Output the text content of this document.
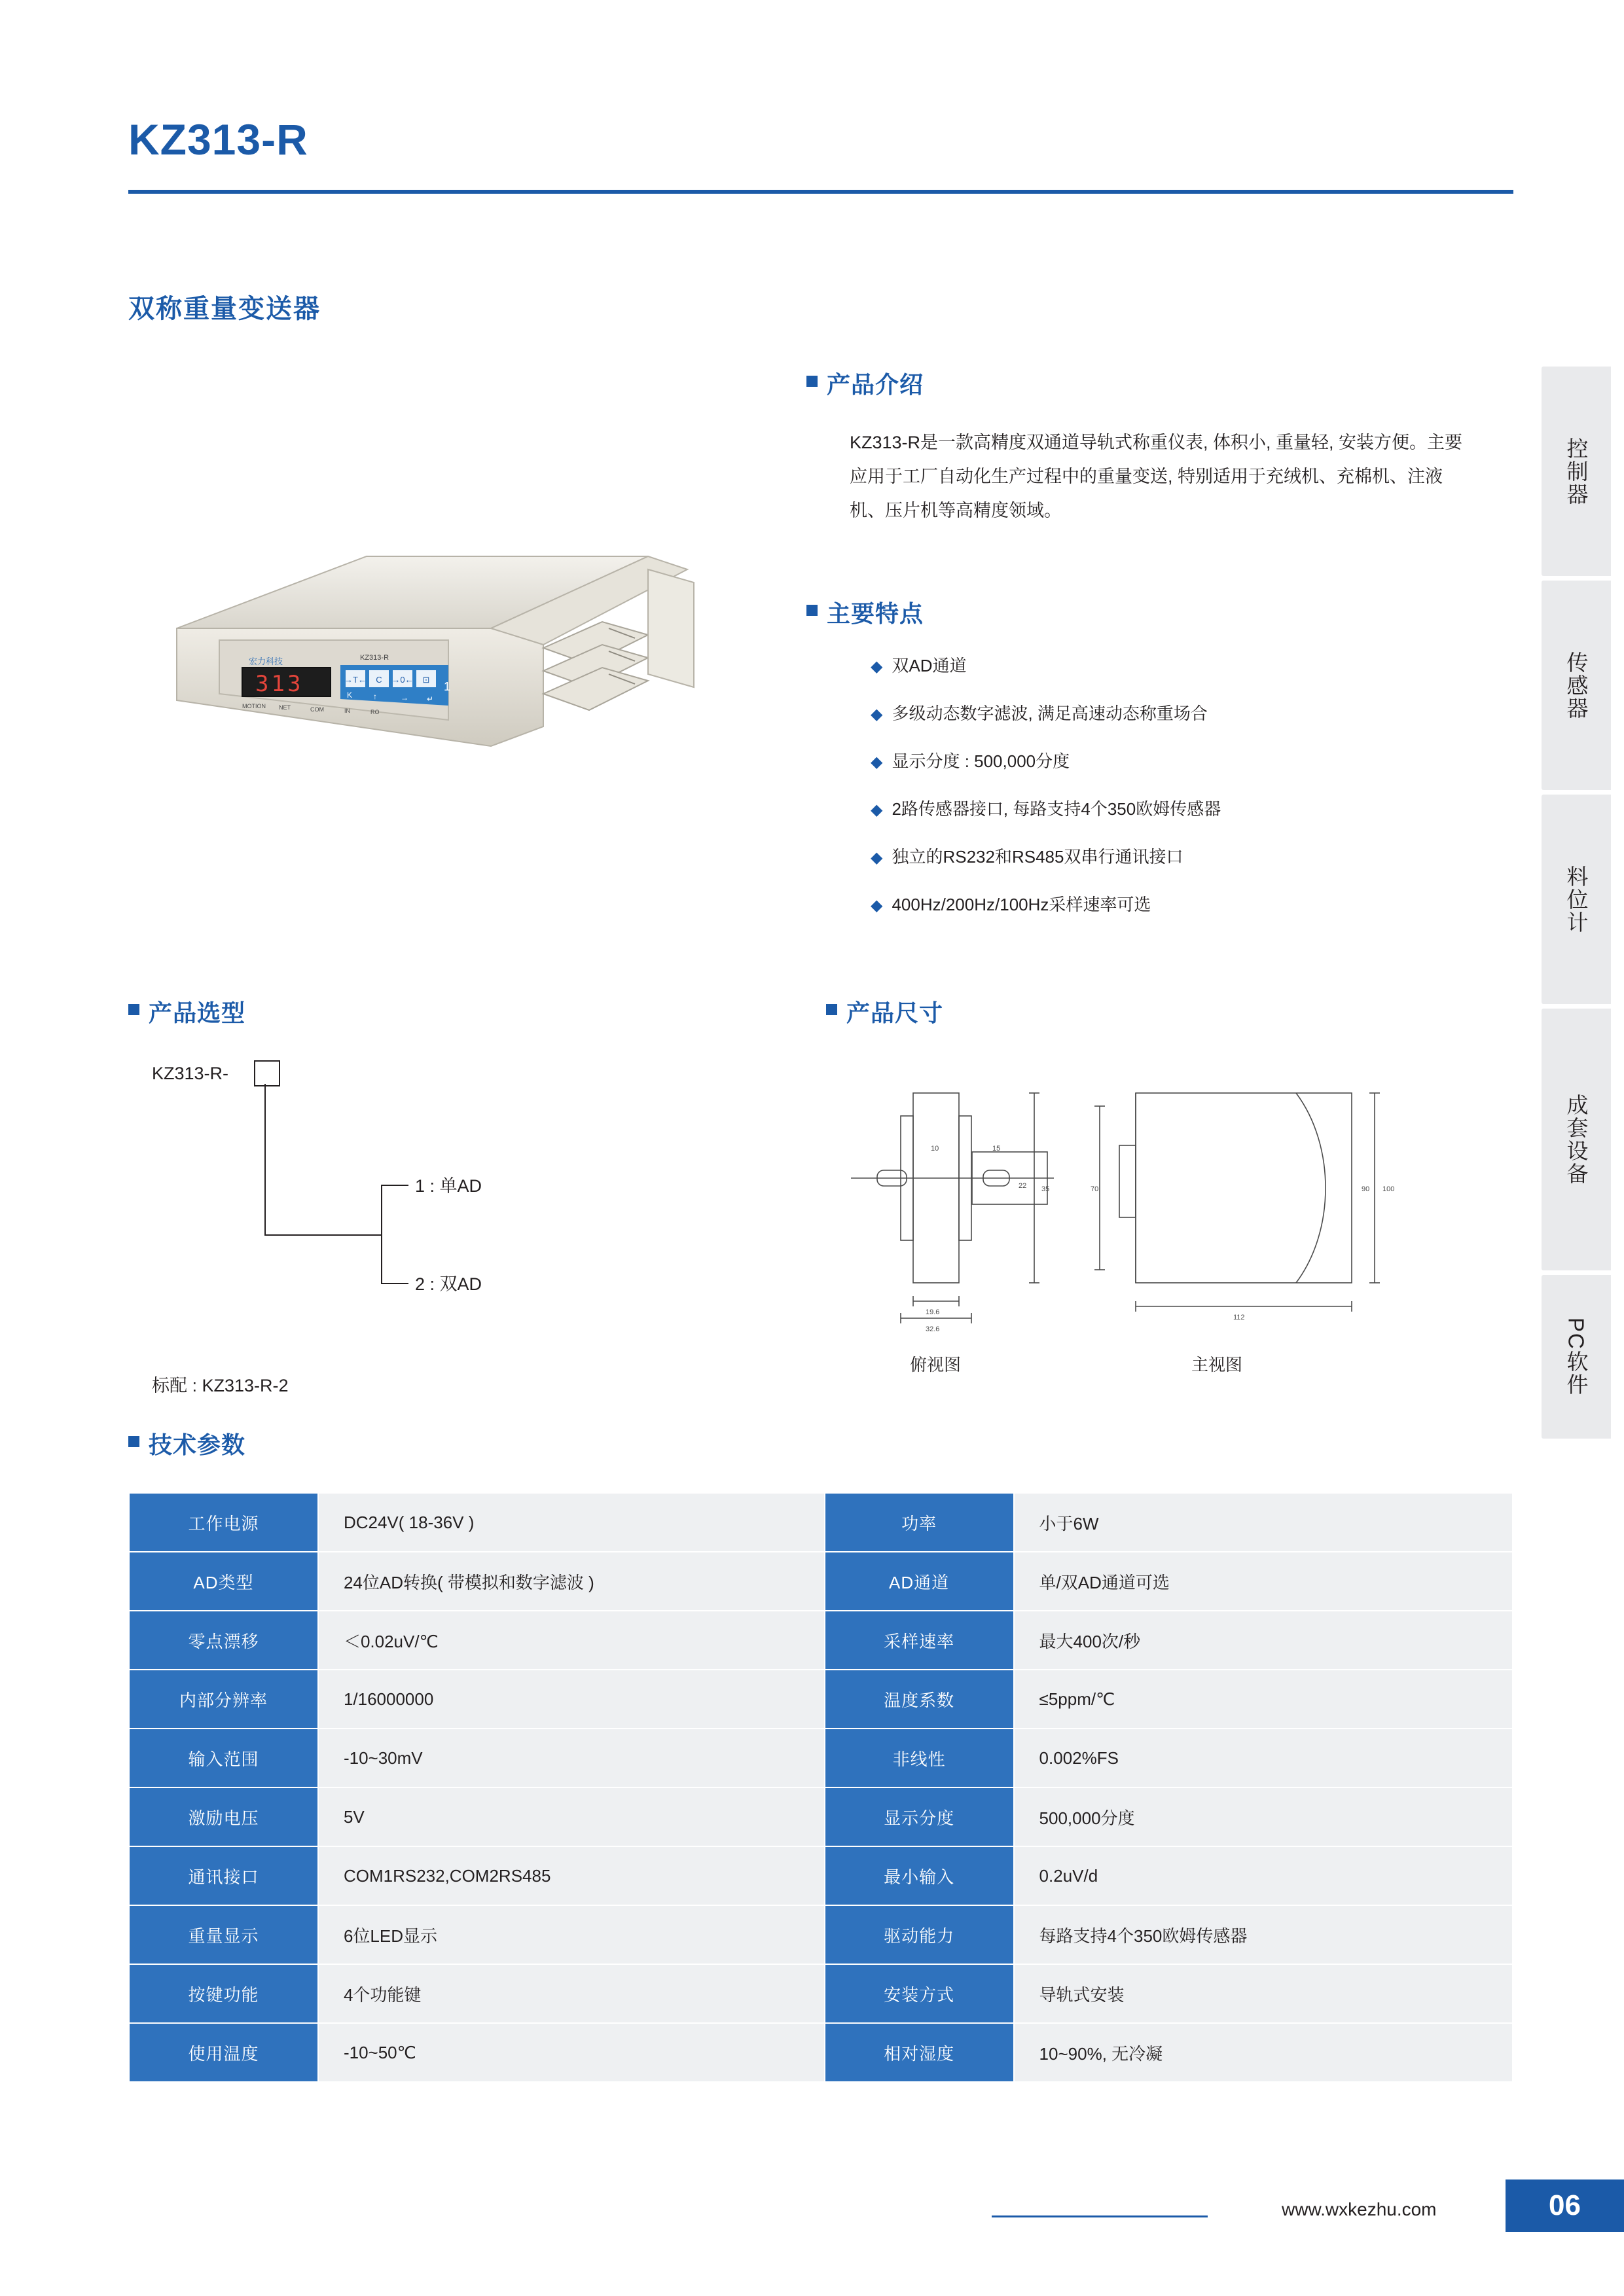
KZ313-R
双称重量变送器
宏力科技	KZ313-R
313	→T← C →0← ⊡
1
MOTION NET	COM	IN	RO
K	↑	→ ↵
产品介绍
KZ313-R是一款高精度双通道导轨式称重仪表, 体积小, 重量轻, 安装方便。主要应用于工厂自动化生产过程中的重量变送, 特别适用于充绒机、充棉机、注液机、压片机等高精度领域。
主要特点
◆ 双AD通道
◆ 多级动态数字滤波, 满足高速动态称重场合
◆ 显示分度 : 500,000分度
◆ 2路传感器接口, 每路支持4个350欧姆传感器
◆ 独立的RS232和RS485双串行通讯接口
◆ 400Hz/200Hz/100Hz采样速率可选
产品选型
KZ313-R-
1 : 单AD
2 : 双AD
标配 : KZ313-R-2
产品尺寸
10	15
35
22
19.6
32.6
70	100
90
112
俯视图	主视图
技术参数
工作电源	DC24V( 18-36V )	功率	小于6W
AD类型	24位AD转换( 带模拟和数字滤波 )	AD通道	单/双AD通道可选
零点漂移	＜0.02uV/℃	采样速率	最大400次/秒
内部分辨率	1/16000000	温度系数	≤5ppm/℃
输入范围	-10~30mV	非线性	0.002%FS
激励电压	5V	显示分度	500,000分度
通讯接口	COM1RS232,COM2RS485	最小输入	0.2uV/d
重量显示	6位LED显示	驱动能力	每路支持4个350欧姆传感器
按键功能	4个功能键	安装方式	导轨式安装
使用温度	-10~50℃	相对湿度	10~90%, 无冷凝
控制器
传感器
料位计
成套设备
PC软件
www.wxkezhu.com	06
